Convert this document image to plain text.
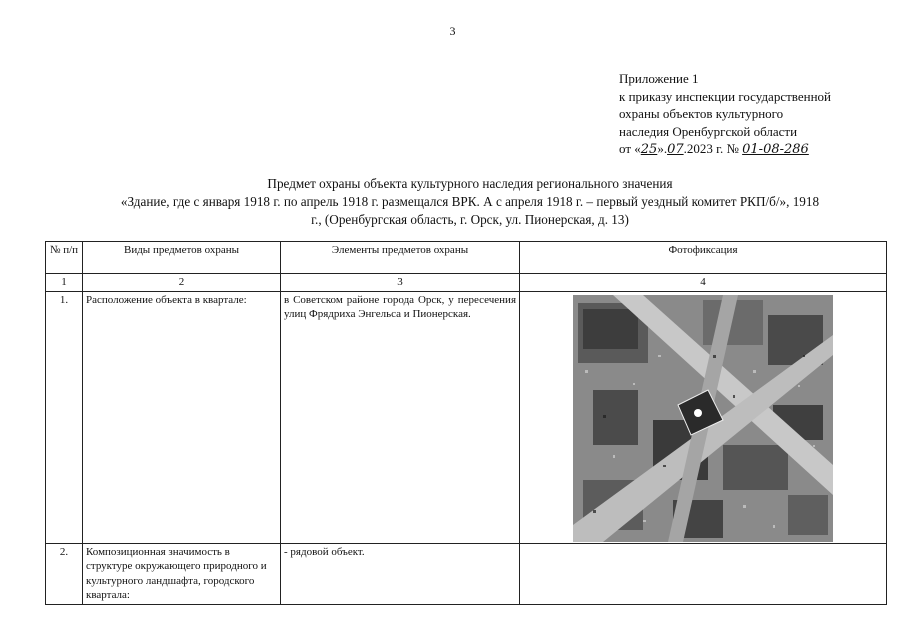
3
Приложение 1
к приказу инспекции государственной
охраны объектов культурного
наследия Оренбургской области
от «25».07.2023 г. № 01-08-286
Предмет охраны объекта культурного наследия регионального значения
«Здание, где с января 1918 г. по апрель 1918 г. размещался ВРК. А с апреля 1918 г. – первый уездный комитет РКП/б/», 1918
г., (Оренбургская область, г. Орск, ул. Пионерская, д. 13)
№ п/п	Виды предметов охраны	Элементы предметов охраны	Фотофиксация
1	2	3	4
1.	Расположение объекта в квартале:	в Советском районе города Орск, у пересечения улиц Фрядриха Энгельса и Пионерская.	

2.	Композиционная значимость в структуре окружающего природного и культурного ландшафта, городского квартала:	- рядовой объект.	
